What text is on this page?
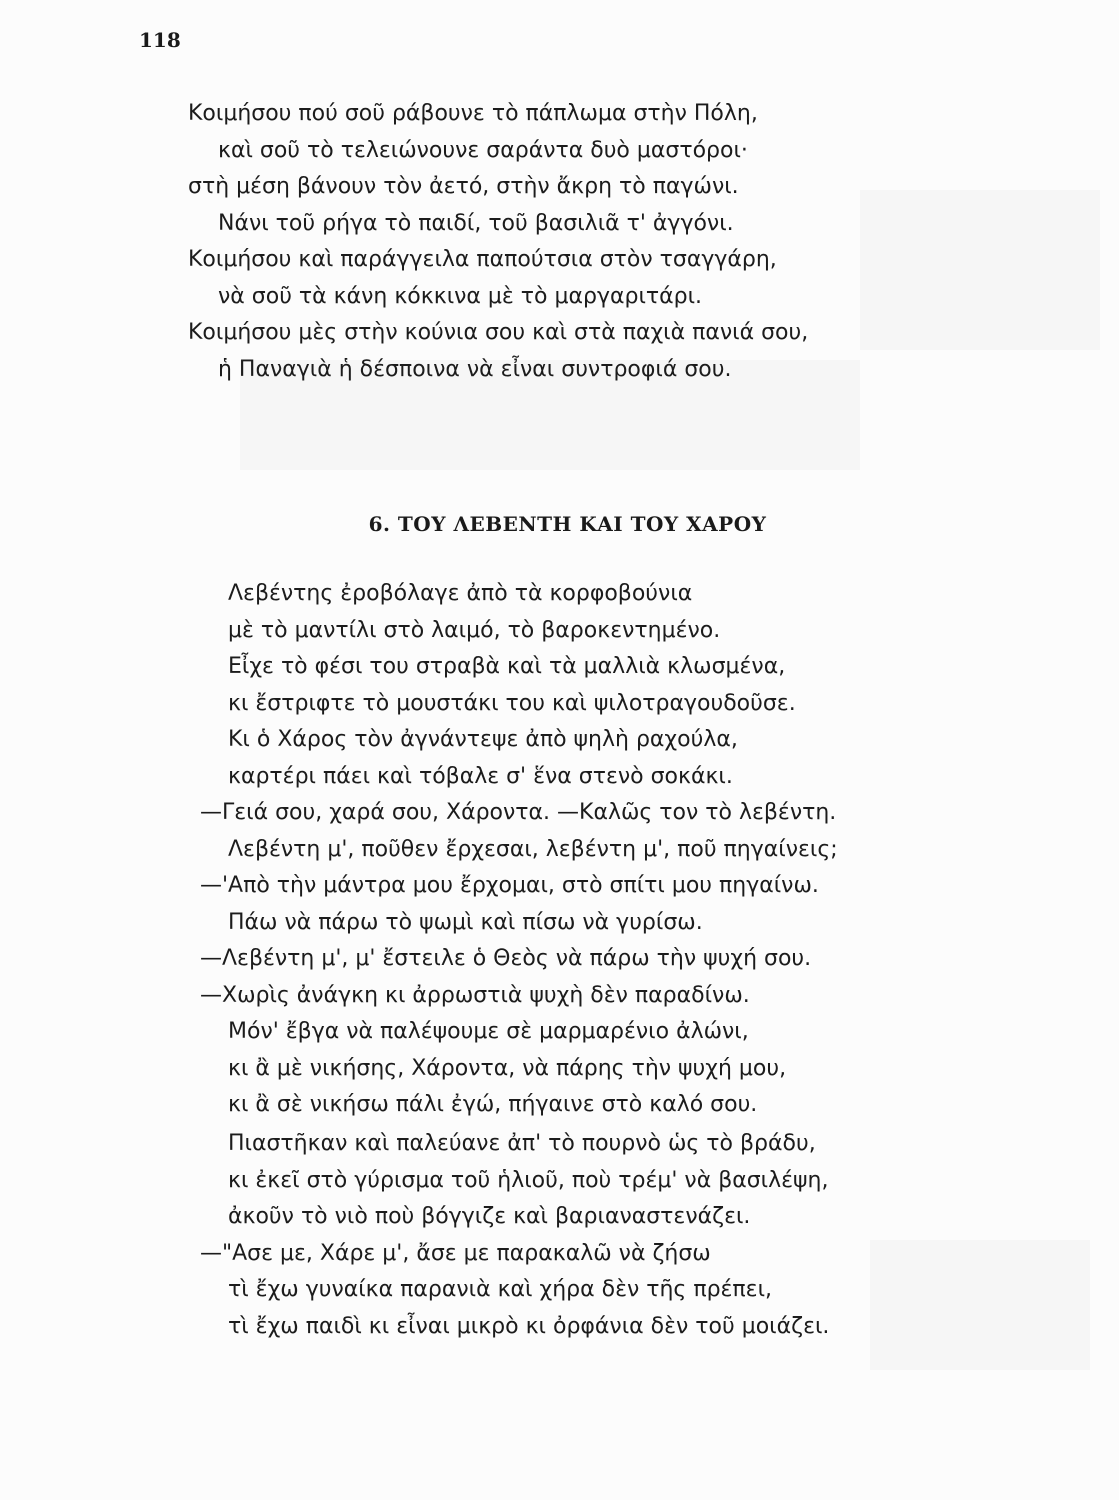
118
Κοιμήσου πού σοῦ ράβουνε τὸ πάπλωμα στὴν Πόλη,
καὶ σοῦ τὸ τελειώνουνε σαράντα δυὸ μαστόροι·
στὴ μέση βάνουν τὸν ἀετό, στὴν ἄκρη τὸ παγώνι.
Νάνι τοῦ ρήγα τὸ παιδί, τοῦ βασιλιᾶ τ' ἀγγόνι.
Κοιμήσου καὶ παράγγειλα παπούτσια στὸν τσαγγάρη,
νὰ σοῦ τὰ κάνη κόκκινα μὲ τὸ μαργαριτάρι.
Κοιμήσου μὲς στὴν κούνια σου καὶ στὰ παχιὰ πανιά σου,
ἡ Παναγιὰ ἡ δέσποινα νὰ εἶναι συντροφιά σου.
6. ΤΟΥ ΛΕΒΕΝΤΗ ΚΑΙ ΤΟΥ ΧΑΡΟΥ
Λεβέντης ἐροβόλαγε ἀπὸ τὰ κορφοβούνια
μὲ τὸ μαντίλι στὸ λαιμό, τὸ βαροκεντημένο.
Εἶχε τὸ φέσι του στραβὰ καὶ τὰ μαλλιὰ κλωσμένα,
κι ἔστριφτε τὸ μουστάκι του καὶ ψιλοτραγουδοῦσε.
Κι ὁ Χάρος τὸν ἀγνάντεψε ἀπὸ ψηλὴ ραχούλα,
καρτέρι πάει καὶ τόβαλε σ' ἕνα στενὸ σοκάκι.
—Γειά σου, χαρά σου, Χάροντα. —Καλῶς τον τὸ λεβέντη.
Λεβέντη μ', ποῦθεν ἔρχεσαι, λεβέντη μ', ποῦ πηγαίνεις;
—'Απὸ τὴν μάντρα μου ἔρχομαι, στὸ σπίτι μου πηγαίνω.
Πάω νὰ πάρω τὸ ψωμὶ καὶ πίσω νὰ γυρίσω.
—Λεβέντη μ', μ' ἔστειλε ὁ Θεὸς νὰ πάρω τὴν ψυχή σου.
—Χωρὶς ἀνάγκη κι ἀρρωστιὰ ψυχὴ δὲν παραδίνω.
Μόν' ἔβγα νὰ παλέψουμε σὲ μαρμαρένιο ἀλώνι,
κι ἂ μὲ νικήσης, Χάροντα, νὰ πάρης τὴν ψυχή μου,
κι ἂ σὲ νικήσω πάλι ἐγώ, πήγαινε στὸ καλό σου.
Πιαστῆκαν καὶ παλεύανε ἀπ' τὸ πουρνὸ ὡς τὸ βράδυ,
κι ἐκεῖ στὸ γύρισμα τοῦ ἡλιοῦ, ποὺ τρέμ' νὰ βασιλέψη,
ἀκοῦν τὸ νιὸ ποὺ βόγγιζε καὶ βαριαναστενάζει.
—"Ασε με, Χάρε μ', ἄσε με παρακαλῶ νὰ ζήσω
τὶ ἔχω γυναίκα παρανιὰ καὶ χήρα δὲν τῆς πρέπει,
τὶ ἔχω παιδὶ κι εἶναι μικρὸ κι ὀρφάνια δὲν τοῦ μοιάζει.
